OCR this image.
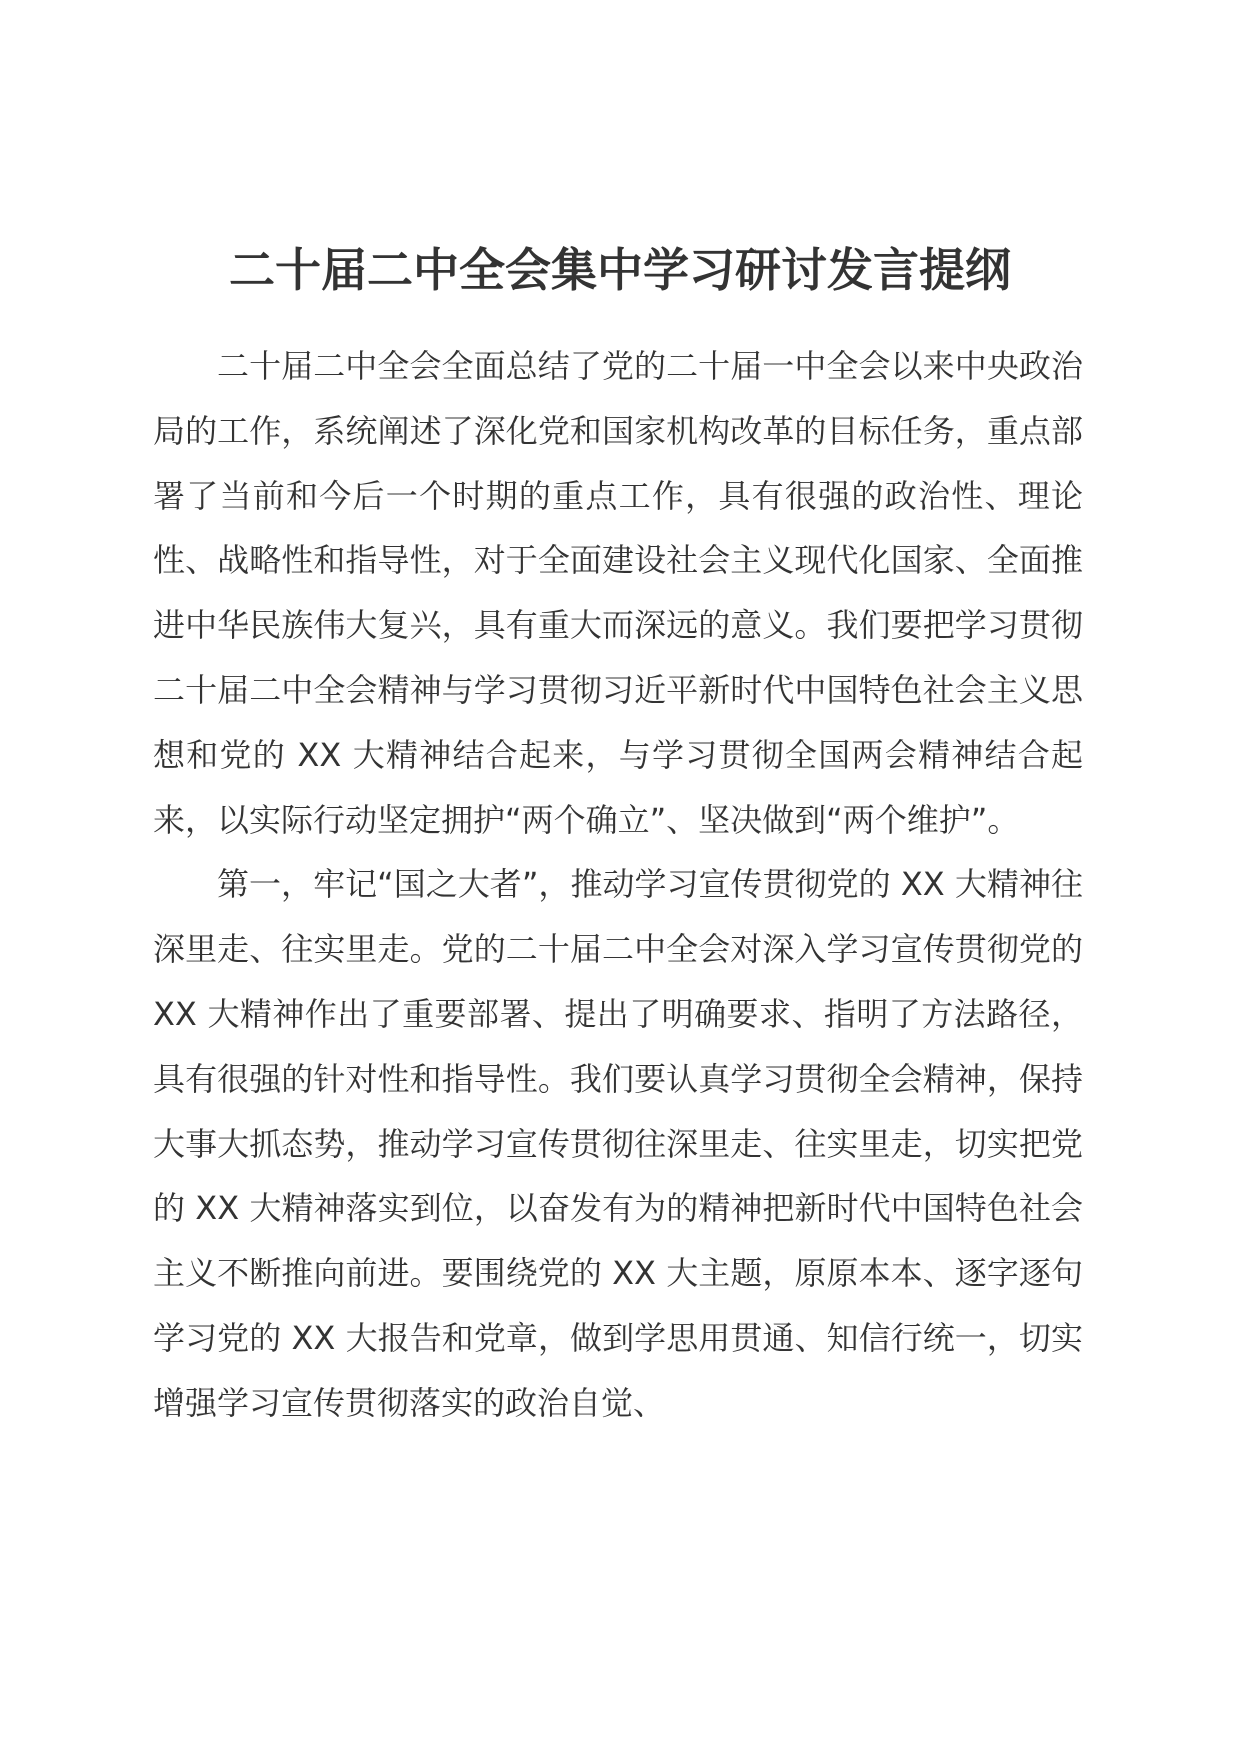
二十届二中全会集中学习研讨发言提纲

二十届二中全会全面总结了党的二十届一中全会以来中央政治局的工作，系统阐述了深化党和国家机构改革的目标任务，重点部署了当前和今后一个时期的重点工作，具有很强的政治性、理论性、战略性和指导性，对于全面建设社会主义现代化国家、全面推进中华民族伟大复兴，具有重大而深远的意义。我们要把学习贯彻二十届二中全会精神与学习贯彻习近平新时代中国特色社会主义思想和党的 XX 大精神结合起来，与学习贯彻全国两会精神结合起来，以实际行动坚定拥护“两个确立”、坚决做到“两个维护”。

第一，牢记“国之大者”，推动学习宣传贯彻党的 XX 大精神往深里走、往实里走。党的二十届二中全会对深入学习宣传贯彻党的 XX 大精神作出了重要部署、提出了明确要求、指明了方法路径，具有很强的针对性和指导性。我们要认真学习贯彻全会精神，保持大事大抓态势，推动学习宣传贯彻往深里走、往实里走，切实把党的 XX 大精神落实到位，以奋发有为的精神把新时代中国特色社会主义不断推向前进。要围绕党的 XX 大主题，原原本本、逐字逐句学习党的 XX 大报告和党章，做到学思用贯通、知信行统一，切实增强学习宣传贯彻落实的政治自觉、
